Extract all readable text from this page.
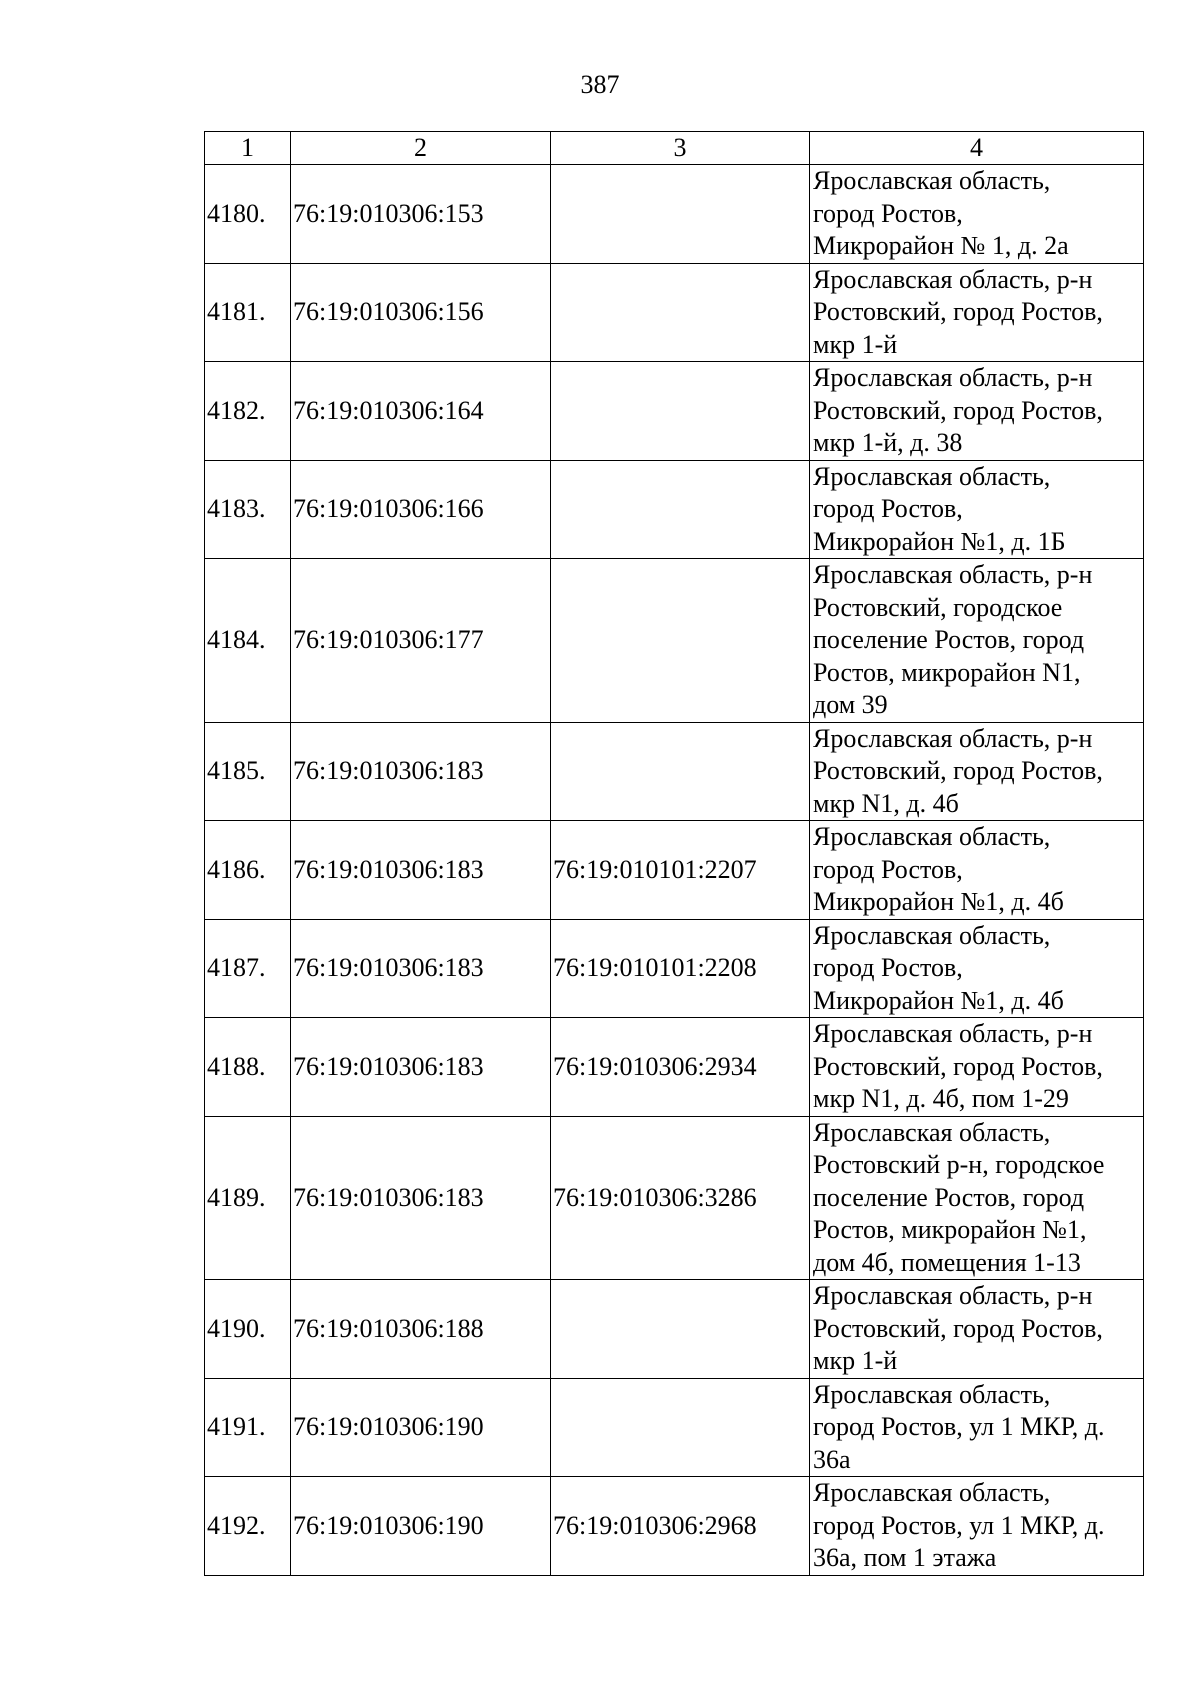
387
1	2	3	4
4180.	76:19:010306:153		Ярославская область,
город Ростов,
Микрорайон № 1, д. 2а
4181.	76:19:010306:156		Ярославская область, р-н
Ростовский, город Ростов,
мкр 1-й
4182.	76:19:010306:164		Ярославская область, р-н
Ростовский, город Ростов,
мкр 1-й, д. 38
4183.	76:19:010306:166		Ярославская область,
город Ростов,
Микрорайон №1, д. 1Б
4184.	76:19:010306:177		Ярославская область, р-н
Ростовский, городское
поселение Ростов, город
Ростов, микрорайон N1,
дом 39
4185.	76:19:010306:183		Ярославская область, р-н
Ростовский, город Ростов,
мкр N1, д. 4б
4186.	76:19:010306:183	76:19:010101:2207	Ярославская область,
город Ростов,
Микрорайон №1, д. 4б
4187.	76:19:010306:183	76:19:010101:2208	Ярославская область,
город Ростов,
Микрорайон №1, д. 4б
4188.	76:19:010306:183	76:19:010306:2934	Ярославская область, р-н
Ростовский, город Ростов,
мкр N1, д. 4б, пом 1-29
4189.	76:19:010306:183	76:19:010306:3286	Ярославская область,
Ростовский р-н, городское
поселение Ростов, город
Ростов, микрорайон №1,
дом 4б, помещения 1-13
4190.	76:19:010306:188		Ярославская область, р-н
Ростовский, город Ростов,
мкр 1-й
4191.	76:19:010306:190		Ярославская область,
город Ростов, ул 1 МКР, д.
36а
4192.	76:19:010306:190	76:19:010306:2968	Ярославская область,
город Ростов, ул 1 МКР, д.
36а, пом 1 этажа
